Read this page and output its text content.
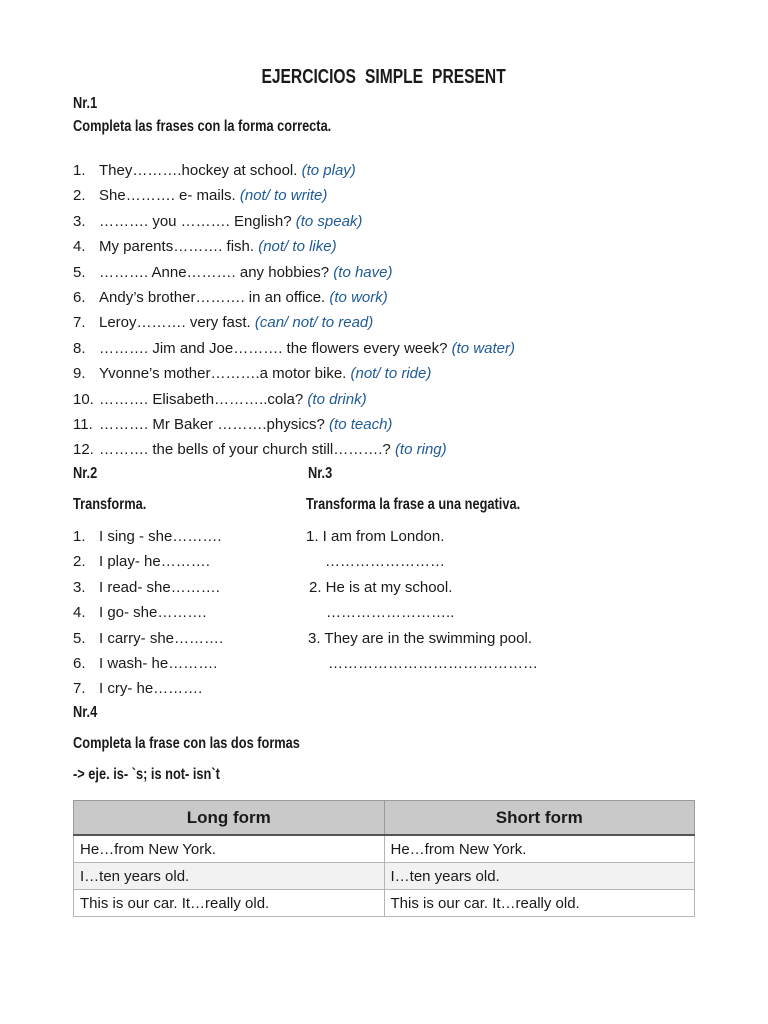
EJERCICIOS SIMPLE PRESENT
Nr.1
Completa las frases con la forma correcta.
1. They……….hockey at school. (to play)
2. She………. e- mails. (not/ to write)
3. ………. you ………. English? (to speak)
4. My parents………. fish. (not/ to like)
5. ………. Anne………. any hobbies? (to have)
6. Andy’s brother………. in an office. (to work)
7. Leroy………. very fast. (can/ not/ to read)
8. ………. Jim and Joe………. the flowers every week? (to water)
9. Yvonne’s mother……….a motor bike. (not/ to ride)
10. ………. Elisabeth………..cola? (to drink)
11. ………. Mr Baker ……….physics? (to teach)
12. ………. the bells of your church still……….? (to ring)
Nr.2	Nr.3
Transforma.	Transforma la frase a una negativa.
1. I sing - she……….
2. I play- he……….
3. I read- she……….
4. I go- she……….
5. I carry- she……….
6. I wash- he……….
7. I cry- he……….
1. I am from London.
……………………
2. He is at my school.
……………………..
3. They are in the swimming pool.
……………………………………
Nr.4
Completa la frase con las dos formas
-> eje. is- `s; is not- isn`t
Long form	Short form
He…from New York.	He…from New York.
I…ten years old.	I…ten years old.
This is our car. It…really old.	This is our car. It…really old.
